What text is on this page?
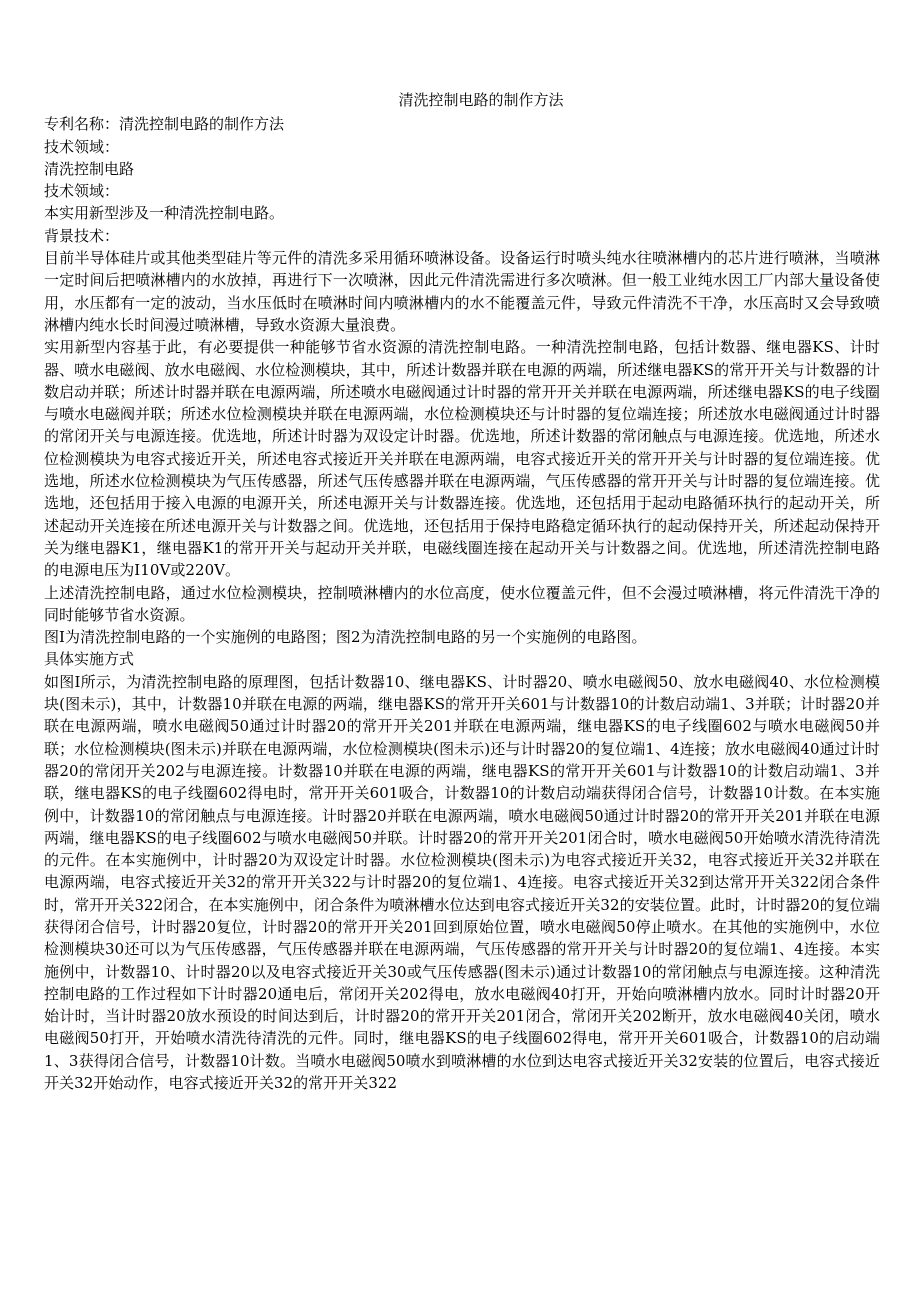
清洗控制电路的制作方法

专利名称：清洗控制电路的制作方法

技术领域：

清洗控制电路

技术领域：

本实用新型涉及一种清洗控制电路。

背景技术：

目前半导体硅片或其他类型硅片等元件的清洗多采用循环喷淋设备。设备运行时喷头纯水往喷淋槽内的芯片进行喷淋，当喷淋一定时间后把喷淋槽内的水放掉，再进行下一次喷淋，因此元件清洗需进行多次喷淋。但一般工业纯水因工厂内部大量设备使用，水压都有一定的波动，当水压低时在喷淋时间内喷淋槽内的水不能覆盖元件，导致元件清洗不干净，水压高时又会导致喷淋槽内纯水长时间漫过喷淋槽，导致水资源大量浪费。

实用新型内容基于此，有必要提供一种能够节省水资源的清洗控制电路。一种清洗控制电路，包括计数器、继电器KS、计时器、喷水电磁阀、放水电磁阀、水位检测模块，其中，所述计数器并联在电源的两端，所述继电器KS的常开开关与计数器的计数启动并联；所述计时器并联在电源两端，所述喷水电磁阀通过计时器的常开开关并联在电源两端，所述继电器KS的电子线圈与喷水电磁阀并联；所述水位检测模块并联在电源两端，水位检测模块还与计时器的复位端连接；所述放水电磁阀通过计时器的常闭开关与电源连接。优选地，所述计时器为双设定计时器。优选地，所述计数器的常闭触点与电源连接。优选地，所述水位检测模块为电容式接近开关，所述电容式接近开关并联在电源两端，电容式接近开关的常开开关与计时器的复位端连接。优选地，所述水位检测模块为气压传感器，所述气压传感器并联在电源两端，气压传感器的常开开关与计时器的复位端连接。优选地，还包括用于接入电源的电源开关，所述电源开关与计数器连接。优选地，还包括用于起动电路循环执行的起动开关，所述起动开关连接在所述电源开关与计数器之间。优选地，还包括用于保持电路稳定循环执行的起动保持开关，所述起动保持开关为继电器K1，继电器K1的常开开关与起动开关并联，电磁线圈连接在起动开关与计数器之间。优选地，所述清洗控制电路的电源电压为I10V或220V。

上述清洗控制电路，通过水位检测模块，控制喷淋槽内的水位高度，使水位覆盖元件，但不会漫过喷淋槽，将元件清洗干净的同时能够节省水资源。

图I为清洗控制电路的一个实施例的电路图；图2为清洗控制电路的另一个实施例的电路图。

具体实施方式

如图I所示，为清洗控制电路的原理图，包括计数器10、继电器KS、计时器20、喷水电磁阀50、放水电磁阀40、水位检测模块(图未示)，其中，计数器10并联在电源的两端，继电器KS的常开开关601与计数器10的计数启动端1、3并联；计时器20并联在电源两端，喷水电磁阀50通过计时器20的常开开关201并联在电源两端，继电器KS的电子线圈602与喷水电磁阀50并联；水位检测模块(图未示)并联在电源两端，水位检测模块(图未示)还与计时器20的复位端1、4连接；放水电磁阀40通过计时器20的常闭开关202与电源连接。计数器10并联在电源的两端，继电器KS的常开开关601与计数器10的计数启动端1、3并联，继电器KS的电子线圈602得电时，常开开关601吸合，计数器10的计数启动端获得闭合信号，计数器10计数。在本实施例中，计数器10的常闭触点与电源连接。计时器20并联在电源两端，喷水电磁阀50通过计时器20的常开开关201并联在电源两端，继电器KS的电子线圈602与喷水电磁阀50并联。计时器20的常开开关201闭合时，喷水电磁阀50开始喷水清洗待清洗的元件。在本实施例中，计时器20为双设定计时器。水位检测模块(图未示)为电容式接近开关32，电容式接近开关32并联在电源两端，电容式接近开关32的常开开关322与计时器20的复位端1、4连接。电容式接近开关32到达常开开关322闭合条件时，常开开关322闭合，在本实施例中，闭合条件为喷淋槽水位达到电容式接近开关32的安装位置。此时，计时器20的复位端获得闭合信号，计时器20复位，计时器20的常开开关201回到原始位置，喷水电磁阀50停止喷水。在其他的实施例中，水位检测模块30还可以为气压传感器，气压传感器并联在电源两端，气压传感器的常开开关与计时器20的复位端1、4连接。本实施例中，计数器10、计时器20以及电容式接近开关30或气压传感器(图未示)通过计数器10的常闭触点与电源连接。这种清洗控制电路的工作过程如下计时器20通电后，常闭开关202得电，放水电磁阀40打开，开始向喷淋槽内放水。同时计时器20开始计时，当计时器20放水预设的时间达到后，计时器20的常开开关201闭合，常闭开关202断开，放水电磁阀40关闭，喷水电磁阀50打开，开始喷水清洗待清洗的元件。同时，继电器KS的电子线圈602得电，常开开关601吸合，计数器10的启动端1、3获得闭合信号，计数器10计数。当喷水电磁阀50喷水到喷淋槽的水位到达电容式接近开关32安装的位置后，电容式接近开关32开始动作，电容式接近开关32的常开开关322
